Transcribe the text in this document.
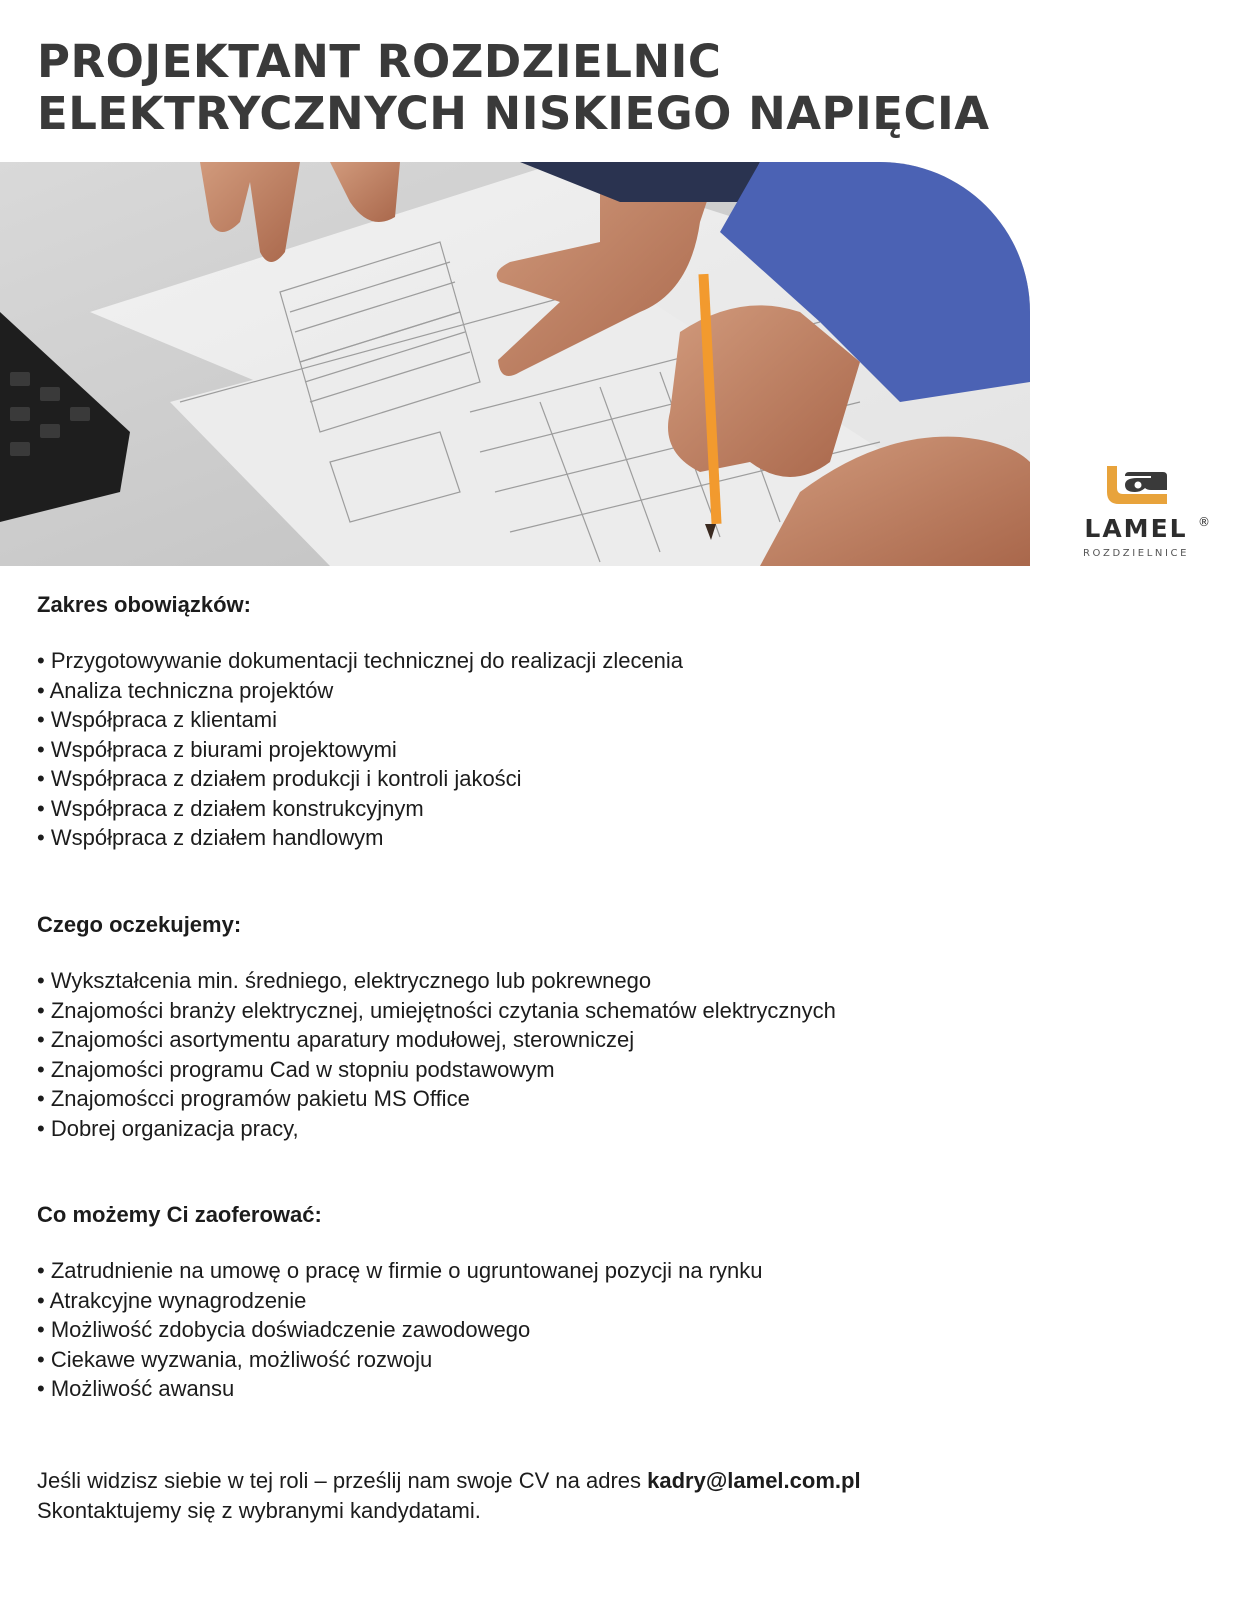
PROJEKTANT ROZDZIELNIC
ELEKTRYCZNYCH NISKIEGO NAPIĘCIA
LAMEL ®
ROZDZIELNICE
Zakres obowiązków:
• Przygotowywanie dokumentacji technicznej do realizacji zlecenia
• Analiza techniczna projektów
• Współpraca z klientami
• Współpraca z biurami projektowymi
• Współpraca z działem produkcji i kontroli jakości
• Współpraca z działem konstrukcyjnym
• Współpraca z działem handlowym
Czego oczekujemy:
• Wykształcenia min. średniego, elektrycznego lub pokrewnego
• Znajomości branży elektrycznej, umiejętności czytania schematów elektrycznych
• Znajomości asortymentu aparatury modułowej, sterowniczej
• Znajomości programu Cad w stopniu podstawowym
• Znajomoścci programów pakietu MS Office
• Dobrej organizacja pracy,
Co możemy Ci zaoferować:
• Zatrudnienie na umowę o pracę w firmie o ugruntowanej pozycji na rynku
• Atrakcyjne wynagrodzenie
• Możliwość zdobycia doświadczenie zawodowego
• Ciekawe wyzwania, możliwość rozwoju
• Możliwość awansu
Jeśli widzisz siebie w tej roli – prześlij nam swoje CV na adres kadry@lamel.com.pl
Skontaktujemy się z wybranymi kandydatami.
